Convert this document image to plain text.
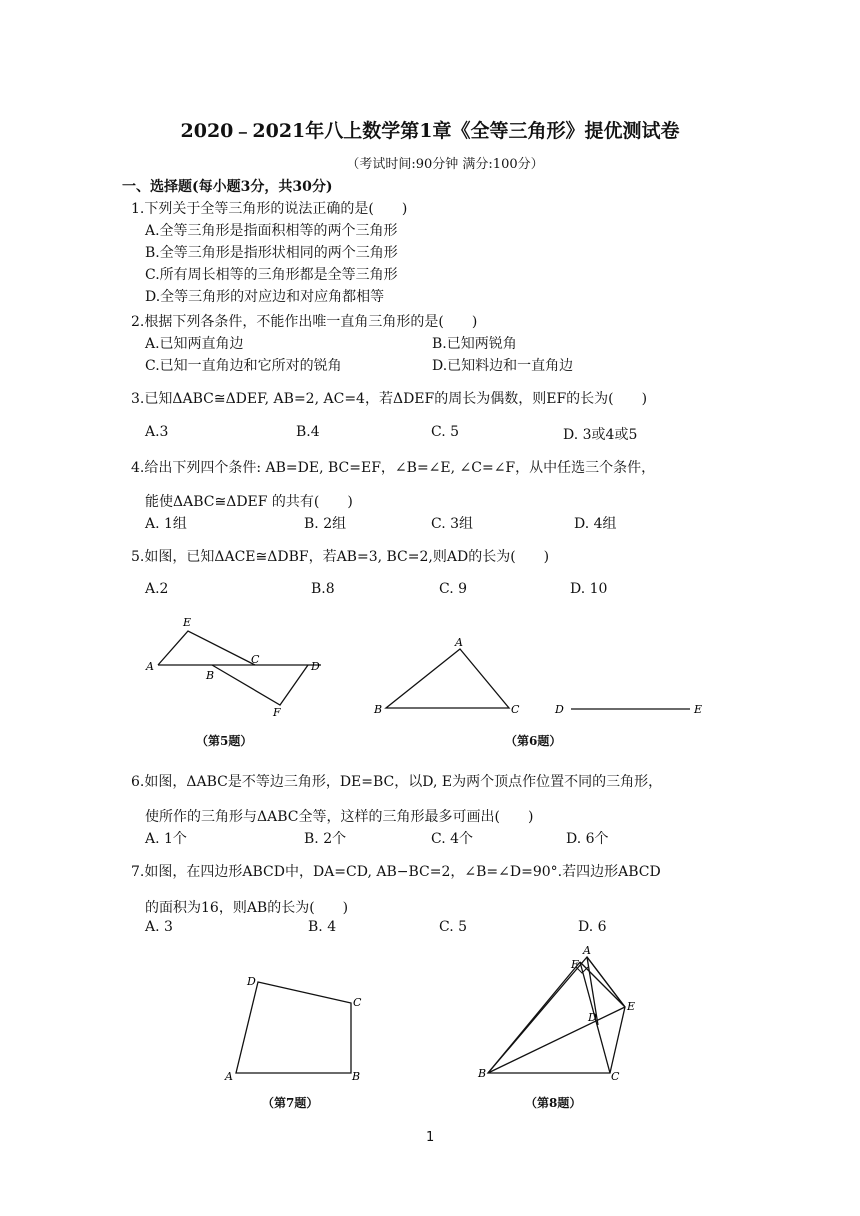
2020﹣2021年八上数学第1章《全等三角形》提优测试卷
（考试时间:90分钟 满分:100分）
一、选择题(每小题3分，共30分)
1.下列关于全等三角形的说法正确的是(　　)
A.全等三角形是指面积相等的两个三角形
B.全等三角形是指形状相同的两个三角形
C.所有周长相等的三角形都是全等三角形
D.全等三角形的对应边和对应角都相等
2.根据下列各条件，不能作出唯一直角三角形的是(　　)
A.已知两直角边	B.已知两锐角
C.已知一直角边和它所对的锐角	D.已知料边和一直角边
3.已知ΔABC≅ΔDEF, AB=2, AC=4，若ΔDEF的周长为偶数，则EF的长为(　　)
A.3	B.4	C. 5	D. 3或4或5
4.给出下列四个条件: AB=DE, BC=EF，∠B=∠E, ∠C=∠F，从中任选三个条件，
能使ΔABC≅ΔDEF 的共有(　　)
A. 1组	B. 2组	C. 3组	D. 4组
5.如图，已知ΔACE≅ΔDBF，若AB=3, BC=2,则AD的长为(　　)
A.2	B.8	C. 9	D. 10
E
A
C
D
B
F
A
B	C	D	E
（第5题）	（第6题）
6.如图，ΔABC是不等边三角形，DE=BC，以D, E为两个顶点作位置不同的三角形，
使所作的三角形与ΔABC全等，这样的三角形最多可画出(　　)
A. 1个	B. 2个	C. 4个	D. 6个
7.如图，在四边形ABCD中，DA=CD, AB−BC=2，∠B=∠D=90°.若四边形ABCD
的面积为16，则AB的长为(　　)
A. 3	B. 4	C. 5	D. 6
D
C
A	B
A
F
E
D
B	C
（第7题）	（第8题）
1
